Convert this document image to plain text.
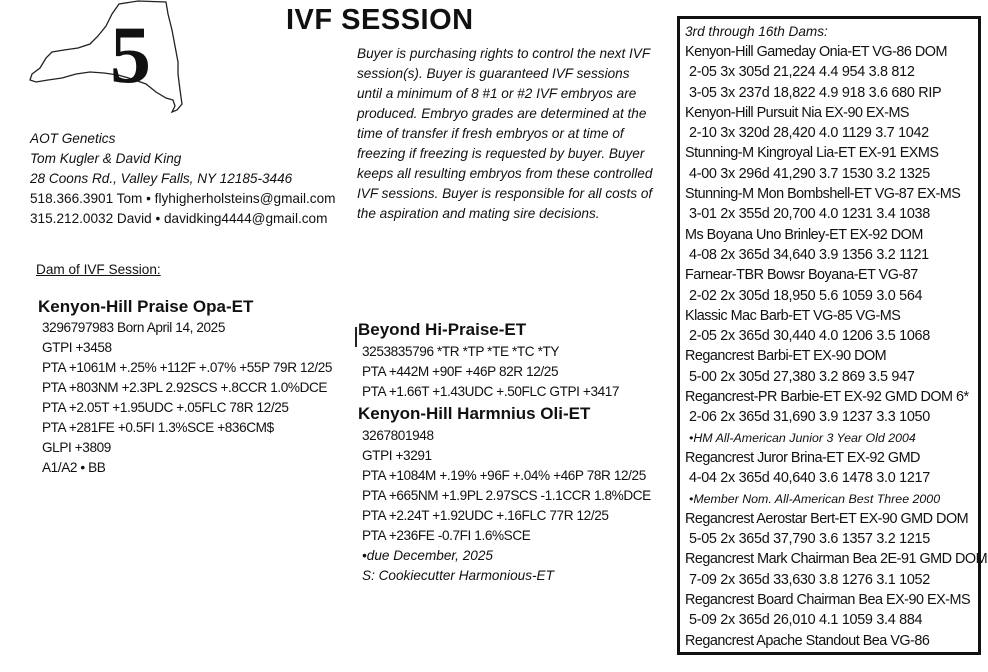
5	IVF SESSION
Buyer is purchasing rights to control the next IVF
session(s). Buyer is guaranteed IVF sessions
until a minimum of 8 #1 or #2 IVF embryos are
produced. Embryo grades are determined at the
time of transfer if fresh embryos or at time of
freezing if freezing is requested by buyer. Buyer
keeps all resulting embryos from these controlled
IVF sessions. Buyer is responsible for all costs of
the aspiration and mating sire decisions.
AOT Genetics
Tom Kugler & David King
28 Coons Rd., Valley Falls, NY 12185-3446
518.366.3901 Tom • flyhigherholsteins@gmail.com
315.212.0032 David • davidking4444@gmail.com
Dam of IVF Session:
Kenyon-Hill Praise Opa-ET
3296797983 Born April 14, 2025
GTPI +3458
PTA +1061M +.25% +112F +.07% +55P 79R 12/25
PTA +803NM +2.3PL 2.92SCS +.8CCR 1.0%DCE
PTA +2.05T +1.95UDC +.05FLC 78R 12/25
PTA +281FE +0.5FI 1.3%SCE +836CM$
GLPI +3809
A1/A2 • BB
Beyond Hi-Praise-ET
3253835796 *TR *TP *TE *TC *TY
PTA +442M +90F +46P 82R 12/25
PTA +1.66T +1.43UDC +.50FLC GTPI +3417
Kenyon-Hill Harmnius Oli-ET
3267801948
GTPI +3291
PTA +1084M +.19% +96F +.04% +46P 78R 12/25
PTA +665NM +1.9PL 2.97SCS -1.1CCR 1.8%DCE
PTA +2.24T +1.92UDC +.16FLC 77R 12/25
PTA +236FE -0.7FI 1.6%SCE
•due December, 2025
S: Cookiecutter Harmonious-ET
3rd through 16th Dams:
Kenyon-Hill Gameday Onia-ET VG-86 DOM
2-05 3x 305d 21,224 4.4 954 3.8 812
3-05 3x 237d 18,822 4.9 918 3.6 680 RIP
Kenyon-Hill Pursuit Nia EX-90 EX-MS
2-10 3x 320d 28,420 4.0 1129 3.7 1042
Stunning-M Kingroyal Lia-ET EX-91 EXMS
4-00 3x 296d 41,290 3.7 1530 3.2 1325
Stunning-M Mon Bombshell-ET VG-87 EX-MS
3-01 2x 355d 20,700 4.0 1231 3.4 1038
Ms Boyana Uno Brinley-ET EX-92 DOM
4-08 2x 365d 34,640 3.9 1356 3.2 1121
Farnear-TBR Bowsr Boyana-ET VG-87
2-02 2x 305d 18,950 5.6 1059 3.0 564
Klassic Mac Barb-ET VG-85 VG-MS
2-05 2x 365d 30,440 4.0 1206 3.5 1068
Regancrest Barbi-ET EX-90 DOM
5-00 2x 305d 27,380 3.2 869 3.5 947
Regancrest-PR Barbie-ET EX-92 GMD DOM 6*
2-06 2x 365d 31,690 3.9 1237 3.3 1050
•HM All-American Junior 3 Year Old 2004
Regancrest Juror Brina-ET EX-92 GMD
4-04 2x 365d 40,640 3.6 1478 3.0 1217
•Member Nom. All-American Best Three 2000
Regancrest Aerostar Bert-ET EX-90 GMD DOM
5-05 2x 365d 37,790 3.6 1357 3.2 1215
Regancrest Mark Chairman Bea 2E-91 GMD DOM
7-09 2x 365d 33,630 3.8 1276 3.1 1052
Regancrest Board Chairman Bea EX-90 EX-MS
5-09 2x 365d 26,010 4.1 1059 3.4 884
Regancrest Apache Standout Bea VG-86
